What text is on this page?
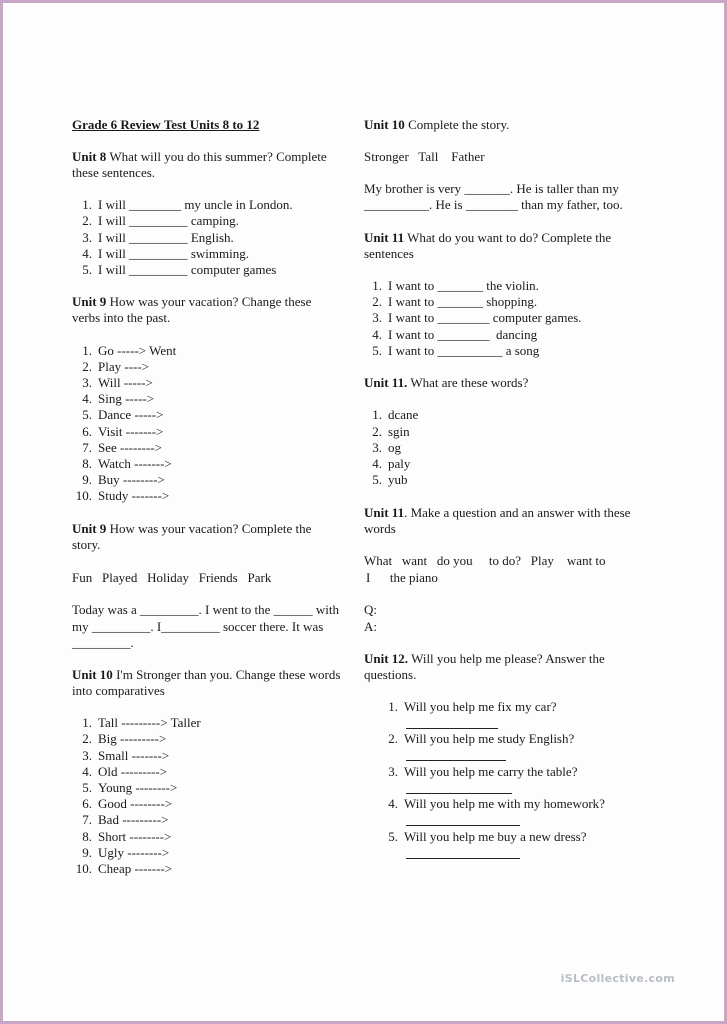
Grade 6 Review Test Units 8 to 12
Unit 8 What will you do this summer? Complete
these sentences.
1. I will ________ my uncle in London.
2. I will _________ camping.
3. I will _________ English.
4. I will _________ swimming.
5. I will _________ computer games
Unit 9 How was your vacation? Change these
verbs into the past.
1. Go -----> Went
2. Play ---->
3. Will ----->
4. Sing ----->
5. Dance ----->
6. Visit ------->
7. See -------->
8. Watch ------->
9. Buy -------->
10. Study ------->
Unit 9 How was your vacation? Complete the
story.
Fun   Played   Holiday   Friends   Park
Today was a _________. I went to the ______ with
my _________. I_________ soccer there. It was
_________.
Unit 10 I'm Stronger than you. Change these words
into comparatives
1. Tall ---------> Taller
2. Big --------->
3. Small ------->
4. Old --------->
5. Young -------->
6. Good -------->
7. Bad --------->
8. Short -------->
9. Ugly -------->
10. Cheap ------->
Unit 10 Complete the story.
Stronger   Tall    Father
My brother is very _______. He is taller than my
__________. He is ________ than my father, too.
Unit 11 What do you want to do? Complete the
sentences
1. I want to _______ the violin.
2. I want to _______ shopping.
3. I want to ________ computer games.
4. I want to ________  dancing
5. I want to __________ a song
Unit 11. What are these words?
1. dcane
2. sgin
3. og
4. paly
5. yub
Unit 11. Make a question and an answer with these
words
What   want   do you     to do?   Play    want to
I      the piano
Q:
A:
Unit 12. Will you help me please? Answer the
questions.
1. Will you help me fix my car?
2. Will you help me study English?
3. Will you help me carry the table?
4. Will you help me with my homework?
5. Will you help me buy a new dress?
iSLCollective.com
